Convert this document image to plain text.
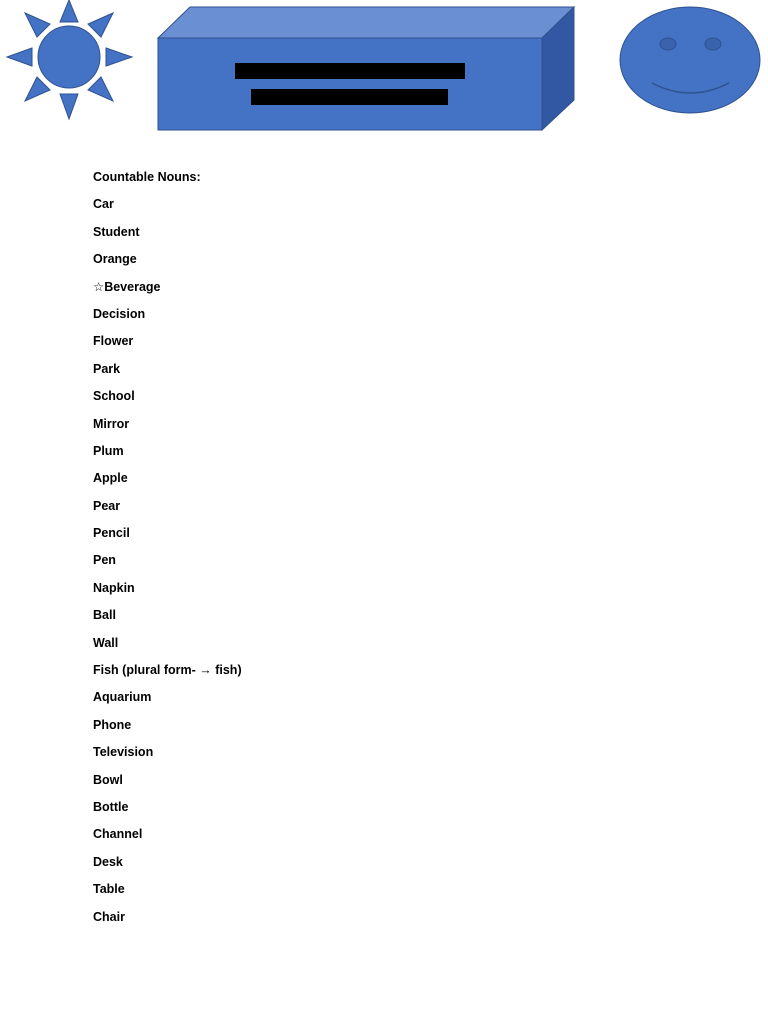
Countable Nouns:
Car
Student
Orange
☆Beverage
Decision
Flower
Park
School
Mirror
Plum
Apple
Pear
Pencil
Pen
Napkin
Ball
Wall
Fish (plural form- → fish)
Aquarium
Phone
Television
Bowl
Bottle
Channel
Desk
Table
Chair
